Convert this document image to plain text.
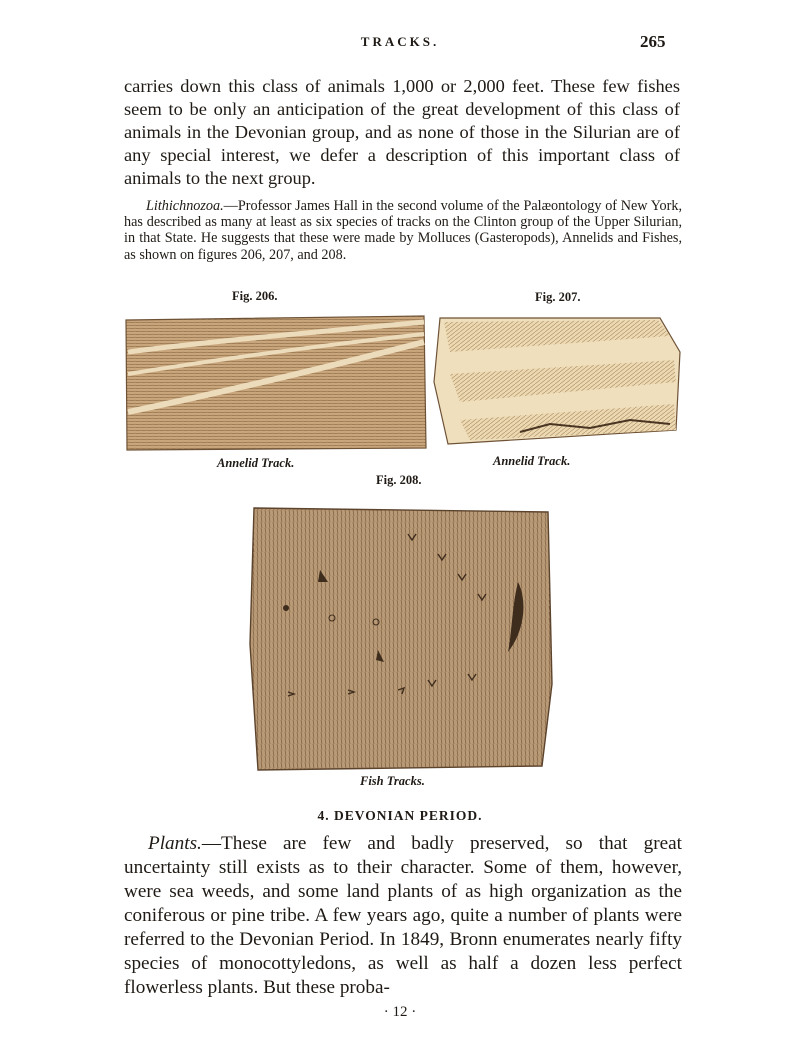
TRACKS.	265

carries down this class of animals 1,000 or 2,000 feet. These few fishes seem to be only an anticipation of the great development of this class of animals in the Devonian group, and as none of those in the Silurian are of any special interest, we defer a description of this important class of animals to the next group.

Lithichnozoa.—Professor James Hall in the second volume of the Palæontology of New York, has described as many at least as six species of tracks on the Clinton group of the Upper Silurian, in that State. He suggests that these were made by Molluces (Gasteropods), Annelids and Fishes, as shown on figures 206, 207, and 208.

Fig. 206.	Fig. 207.
Annelid Track.	Annelid Track.
Fig. 208.
Fish Tracks.
4. DEVONIAN PERIOD.

Plants.—These are few and badly preserved, so that great uncertainty still exists as to their character. Some of them, however, were sea weeds, and some land plants of as high organization as the coniferous or pine tribe. A few years ago, quite a number of plants were referred to the Devonian Period. In 1849, Bronn enumerates nearly fifty species of monocottyledons, as well as half a dozen less perfect flowerless plants. But these proba-

· 12 ·
